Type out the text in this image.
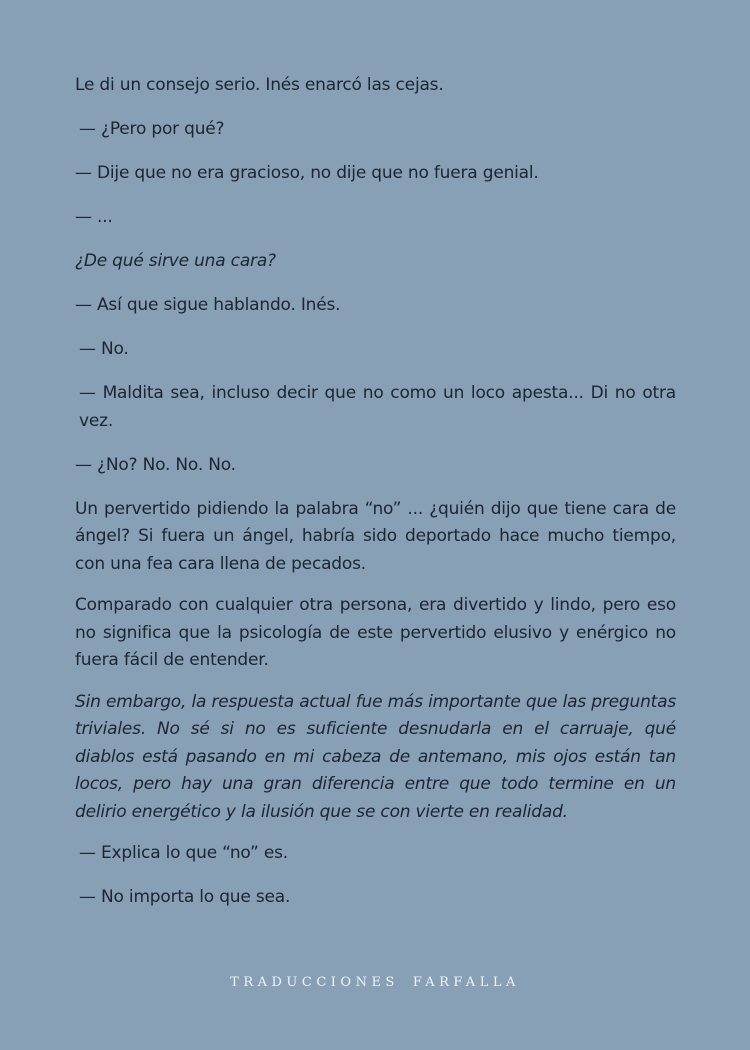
Le di un consejo serio. Inés enarcó las cejas.

— ¿Pero por qué?

— Dije que no era gracioso, no dije que no fuera genial.

— ...

¿De qué sirve una cara?

— Así que sigue hablando. Inés.

— No.

— Maldita sea, incluso decir que no como un loco apesta... Di no otra vez.

— ¿No? No. No. No.

Un pervertido pidiendo la palabra “no” ... ¿quién dijo que tiene cara de ángel? Si fuera un ángel, habría sido deportado hace mucho tiempo, con una fea cara llena de pecados.

Comparado con cualquier otra persona, era divertido y lindo, pero eso no significa que la psicología de este pervertido elusivo y enérgico no fuera fácil de entender.

Sin embargo, la respuesta actual fue más importante que las preguntas triviales. No sé si no es suficiente desnudarla en el carruaje, qué diablos está pasando en mi cabeza de antemano, mis ojos están tan locos, pero hay una gran diferencia entre que todo termine en un delirio energético y la ilusión que se con vierte en realidad.

— Explica lo que “no” es.

— No importa lo que sea.

TRADUCCIONES FARFALLA
